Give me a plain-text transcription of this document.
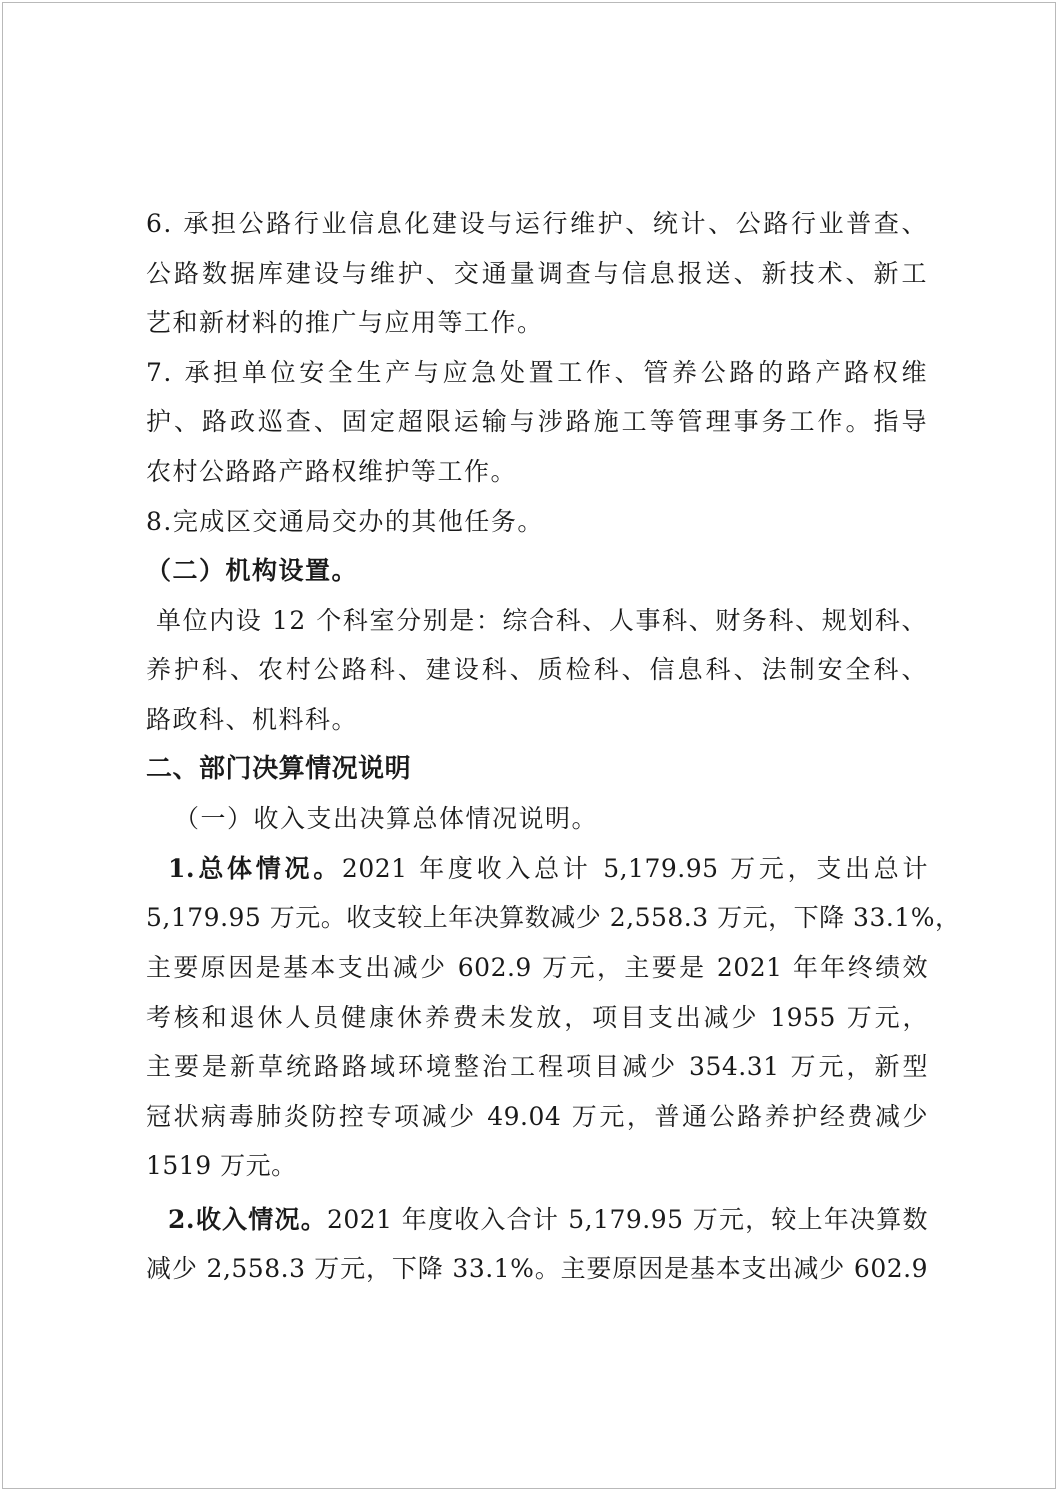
6. 承担公路行业信息化建设与运行维护、统计、公路行业普查、
公路数据库建设与维护、交通量调查与信息报送、新技术、新工
艺和新材料的推广与应用等工作。
7. 承担单位安全生产与应急处置工作、管养公路的路产路权维
护、路政巡查、固定超限运输与涉路施工等管理事务工作。指导
农村公路路产路权维护等工作。
8.完成区交通局交办的其他任务。
（二）机构设置。
单位内设 12 个科室分别是：综合科、人事科、财务科、规划科、
养护科、农村公路科、建设科、质检科、信息科、法制安全科、
路政科、机料科。
二、部门决算情况说明
（一）收入支出决算总体情况说明。
1.总体情况。2021 年度收入总计 5,179.95 万元，支出总计
5,179.95 万元。收支较上年决算数减少 2,558.3 万元，下降 33.1%，
主要原因是基本支出减少 602.9 万元，主要是 2021 年年终绩效
考核和退休人员健康休养费未发放，项目支出减少 1955 万元，
主要是新草统路路域环境整治工程项目减少 354.31 万元，新型
冠状病毒肺炎防控专项减少 49.04 万元，普通公路养护经费减少
1519 万元。
2.收入情况。2021 年度收入合计 5,179.95 万元，较上年决算数
减少 2,558.3 万元，下降 33.1%。主要原因是基本支出减少 602.9
